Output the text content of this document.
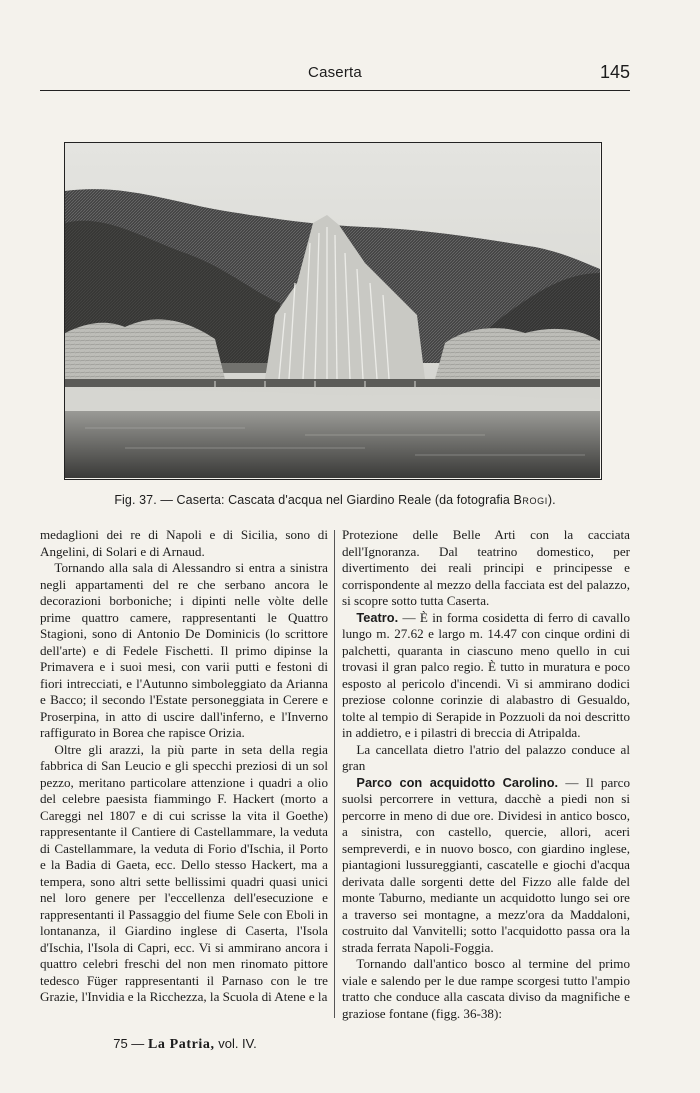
Caserta	145
Fig. 37. — Caserta: Cascata d'acqua nel Giardino Reale (da fotografia Brogi).

medaglioni dei re di Napoli e di Sicilia, sono di Angelini, di Solari e di Arnaud.

Tornando alla sala di Alessandro si entra a sinistra negli appartamenti del re che serbano ancora le decorazioni borboniche; i dipinti nelle vòlte delle prime quattro camere, rappresentanti le Quattro Stagioni, sono di Antonio De Dominicis (lo scrittore dell'arte) e di Fedele Fischetti. Il primo dipinse la Primavera e i suoi mesi, con varii putti e festoni di fiori intrecciati, e l'Autunno simboleggiato da Arianna e Bacco; il secondo l'Estate personeggiata in Cerere e Proserpina, in atto di uscire dall'inferno, e l'Inverno raffigurato in Borea che rapisce Orizia.

Oltre gli arazzi, la più parte in seta della regia fabbrica di San Leucio e gli specchi preziosi di un sol pezzo, meritano particolare attenzione i quadri a olio del celebre paesista fiammingo F. Hackert (morto a Careggi nel 1807 e di cui scrisse la vita il Goethe) rappresentante il Cantiere di Castellammare, la veduta di Castellammare, la veduta di Forio d'Ischia, il Porto e la Badia di Gaeta, ecc. Dello stesso Hackert, ma a tempera, sono altri sette bellissimi quadri quasi unici nel loro genere per l'eccellenza dell'esecuzione e rappresentanti il Passaggio del fiume Sele con Eboli in lontananza, il Giardino inglese di Caserta, l'Isola d'Ischia, l'Isola di Capri, ecc. Vi si ammirano ancora i quattro celebri freschi del non men rinomato pittore tedesco Füger rappresentanti il Parnaso con le tre Grazie, l'Invidia e la Ricchezza, la Scuola di Atene e la

Protezione delle Belle Arti con la cacciata dell'Ignoranza. Dal teatrino domestico, per divertimento dei reali principi e principesse e corrispondente al mezzo della facciata est del palazzo, si scopre sotto tutta Caserta.

Teatro. — È in forma cosidetta di ferro di cavallo lungo m. 27.62 e largo m. 14.47 con cinque ordini di palchetti, quaranta in ciascuno meno quello in cui trovasi il gran palco regio. È tutto in muratura e poco esposto al pericolo d'incendi. Vi si ammirano dodici preziose colonne corinzie di alabastro di Gesualdo, tolte al tempio di Serapide in Pozzuoli da noi descritto in addietro, e i pilastri di breccia di Atripalda.

La cancellata dietro l'atrio del palazzo conduce al gran

Parco con acquidotto Carolino. — Il parco suolsi percorrere in vettura, dacchè a piedi non si percorre in meno di due ore. Dividesi in antico bosco, a sinistra, con castello, quercie, allori, aceri sempreverdi, e in nuovo bosco, con giardino inglese, piantagioni lussureggianti, cascatelle e giochi d'acqua derivata dalle sorgenti dette del Fizzo alle falde del monte Taburno, mediante un acquidotto lungo sei ore a traverso sei montagne, a mezz'ora da Maddaloni, costruito dal Vanvitelli; sotto l'acquidotto passa ora la strada ferrata Napoli-Foggia.

Tornando dall'antico bosco al termine del primo viale e salendo per le due rampe scorgesi tutto l'ampio tratto che conduce alla cascata diviso da magnifiche e graziose fontane (figg. 36-38):

75 — La Patria, vol. IV.
